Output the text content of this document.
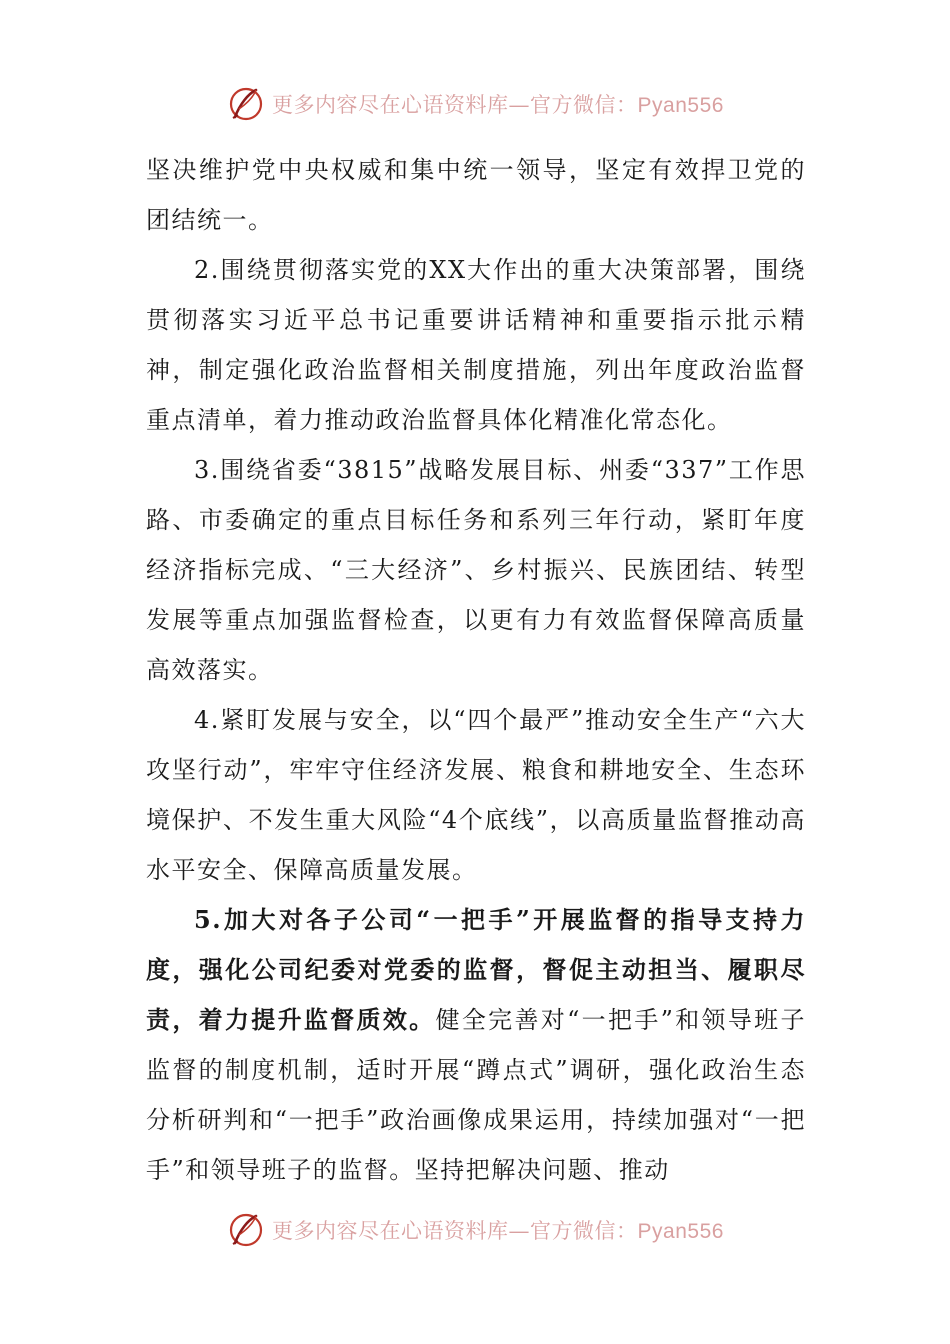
更多内容尽在心语资料库—官方微信：Pyan556

坚决维护党中央权威和集中统一领导，坚定有效捍卫党的团结统一。

2.围绕贯彻落实党的XX大作出的重大决策部署，围绕贯彻落实习近平总书记重要讲话精神和重要指示批示精神，制定强化政治监督相关制度措施，列出年度政治监督重点清单，着力推动政治监督具体化精准化常态化。

3.围绕省委“3815”战略发展目标、州委“337”工作思路、市委确定的重点目标任务和系列三年行动，紧盯年度经济指标完成、“三大经济”、乡村振兴、民族团结、转型发展等重点加强监督检查，以更有力有效监督保障高质量高效落实。

4.紧盯发展与安全，以“四个最严”推动安全生产“六大攻坚行动”，牢牢守住经济发展、粮食和耕地安全、生态环境保护、不发生重大风险“4个底线”，以高质量监督推动高水平安全、保障高质量发展。

5.加大对各子公司“一把手”开展监督的指导支持力度，强化公司纪委对党委的监督，督促主动担当、履职尽责，着力提升监督质效。健全完善对“一把手”和领导班子监督的制度机制，适时开展“蹲点式”调研，强化政治生态分析研判和“一把手”政治画像成果运用，持续加强对“一把手”和领导班子的监督。坚持把解决问题、推动

更多内容尽在心语资料库—官方微信：Pyan556
